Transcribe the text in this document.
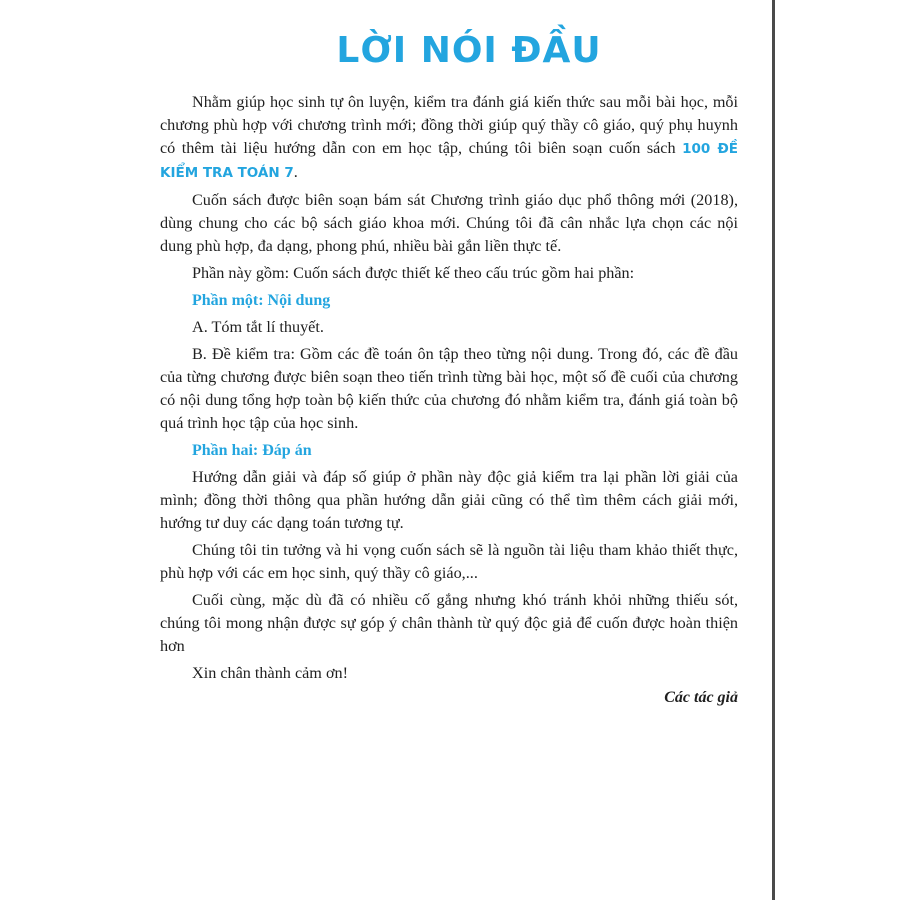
LỜI NÓI ĐẦU

Nhằm giúp học sinh tự ôn luyện, kiểm tra đánh giá kiến thức sau mỗi bài học, mỗi chương phù hợp với chương trình mới; đồng thời giúp quý thầy cô giáo, quý phụ huynh có thêm tài liệu hướng dẫn con em học tập, chúng tôi biên soạn cuốn sách 100 ĐỀ KIỂM TRA TOÁN 7.

Cuốn sách được biên soạn bám sát Chương trình giáo dục phổ thông mới (2018), dùng chung cho các bộ sách giáo khoa mới. Chúng tôi đã cân nhắc lựa chọn các nội dung phù hợp, đa dạng, phong phú, nhiều bài gắn liền thực tế.

Phần này gồm: Cuốn sách được thiết kế theo cấu trúc gồm hai phần:

Phần một: Nội dung

A. Tóm tắt lí thuyết.

B. Đề kiểm tra: Gồm các đề toán ôn tập theo từng nội dung. Trong đó, các đề đầu của từng chương được biên soạn theo tiến trình từng bài học, một số đề cuối của chương có nội dung tổng hợp toàn bộ kiến thức của chương đó nhằm kiểm tra, đánh giá toàn bộ quá trình học tập của học sinh.

Phần hai: Đáp án

Hướng dẫn giải và đáp số giúp ở phần này độc giả kiểm tra lại phần lời giải của mình; đồng thời thông qua phần hướng dẫn giải cũng có thể tìm thêm cách giải mới, hướng tư duy các dạng toán tương tự.

Chúng tôi tin tưởng và hi vọng cuốn sách sẽ là nguồn tài liệu tham khảo thiết thực, phù hợp với các em học sinh, quý thầy cô giáo,...

Cuối cùng, mặc dù đã có nhiều cố gắng nhưng khó tránh khỏi những thiếu sót, chúng tôi mong nhận được sự góp ý chân thành từ quý độc giả để cuốn được hoàn thiện hơn

Xin chân thành cảm ơn!

Các tác giả
